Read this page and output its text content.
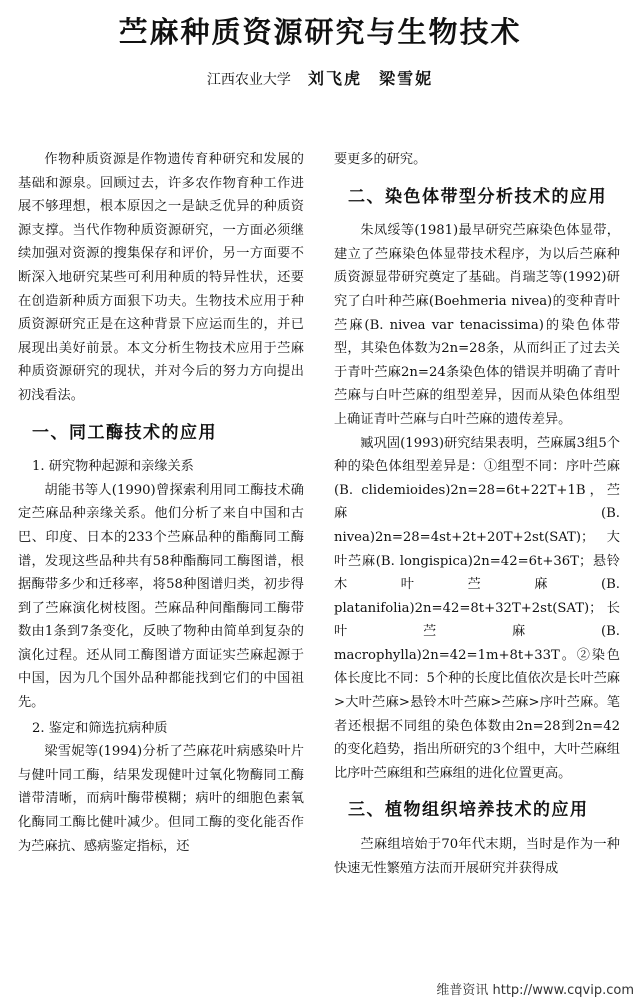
苎麻种质资源研究与生物技术
江西农业大学 刘飞虎 梁雪妮

作物种质资源是作物遗传育种研究和发展的基础和源泉。回顾过去，许多农作物育种工作进展不够理想，根本原因之一是缺乏优异的种质资源支撑。当代作物种质资源研究，一方面必须继续加强对资源的搜集保存和评价，另一方面要不断深入地研究某些可利用种质的特异性状，还要在创造新种质方面狠下功夫。生物技术应用于种质资源研究正是在这种背景下应运而生的，并已展现出美好前景。本文分析生物技术应用于苎麻种质资源研究的现状，并对今后的努力方向提出初浅看法。

一、同工酶技术的应用
1. 研究物种起源和亲缘关系

胡能书等人(1990)曾探索利用同工酶技术确定苎麻品种亲缘关系。他们分析了来自中国和古巴、印度、日本的233个苎麻品种的酯酶同工酶谱，发现这些品种共有58种酯酶同工酶图谱，根据酶带多少和迁移率，将58种图谱归类，初步得到了苎麻演化树枝图。苎麻品种间酯酶同工酶带数由1条到7条变化，反映了物种由简单到复杂的演化过程。还从同工酶图谱方面证实苎麻起源于中国，因为几个国外品种都能找到它们的中国祖先。

2. 鉴定和筛选抗病种质

梁雪妮等(1994)分析了苎麻花叶病感染叶片与健叶同工酶，结果发现健叶过氧化物酶同工酶谱带清晰，而病叶酶带模糊；病叶的细胞色素氧化酶同工酶比健叶减少。但同工酶的变化能否作为苎麻抗、感病鉴定指标，还

要更多的研究。

二、染色体带型分析技术的应用

朱凤绥等(1981)最早研究苎麻染色体显带，建立了苎麻染色体显带技术程序，为以后苎麻种质资源显带研究奠定了基础。肖瑞芝等(1992)研究了白叶种苎麻(Boehmeria nivea)的变种青叶苎麻(B. nivea var tenacissima)的染色体带型，其染色体数为2n=28条，从而纠正了过去关于青叶苎麻2n=24条染色体的错误并明确了青叶苎麻与白叶苎麻的组型差异，因而从染色体组型上确证青叶苎麻与白叶苎麻的遗传差异。

臧巩固(1993)研究结果表明，苎麻属3组5个种的染色体组型差异是：①组型不同：序叶苎麻(B. clidemioides)2n=28=6t+22T+1B，苎麻(B. nivea)2n=28=4st+2t+20T+2st(SAT)；大叶苎麻(B. longispica)2n=42=6t+36T；悬铃木叶苎麻(B. platanifolia)2n=42=8t+32T+2st(SAT)；长叶苎麻(B. macrophylla)2n=42=1m+8t+33T。②染色体长度比不同：5个种的长度比值依次是长叶苎麻>大叶苎麻>悬铃木叶苎麻>苎麻>序叶苎麻。笔者还根据不同组的染色体数由2n=28到2n=42的变化趋势，指出所研究的3个组中，大叶苎麻组比序叶苎麻组和苎麻组的进化位置更高。

三、植物组织培养技术的应用

苎麻组培始于70年代末期，当时是作为一种快速无性繁殖方法而开展研究并获得成

维普资讯 http://www.cqvip.com
